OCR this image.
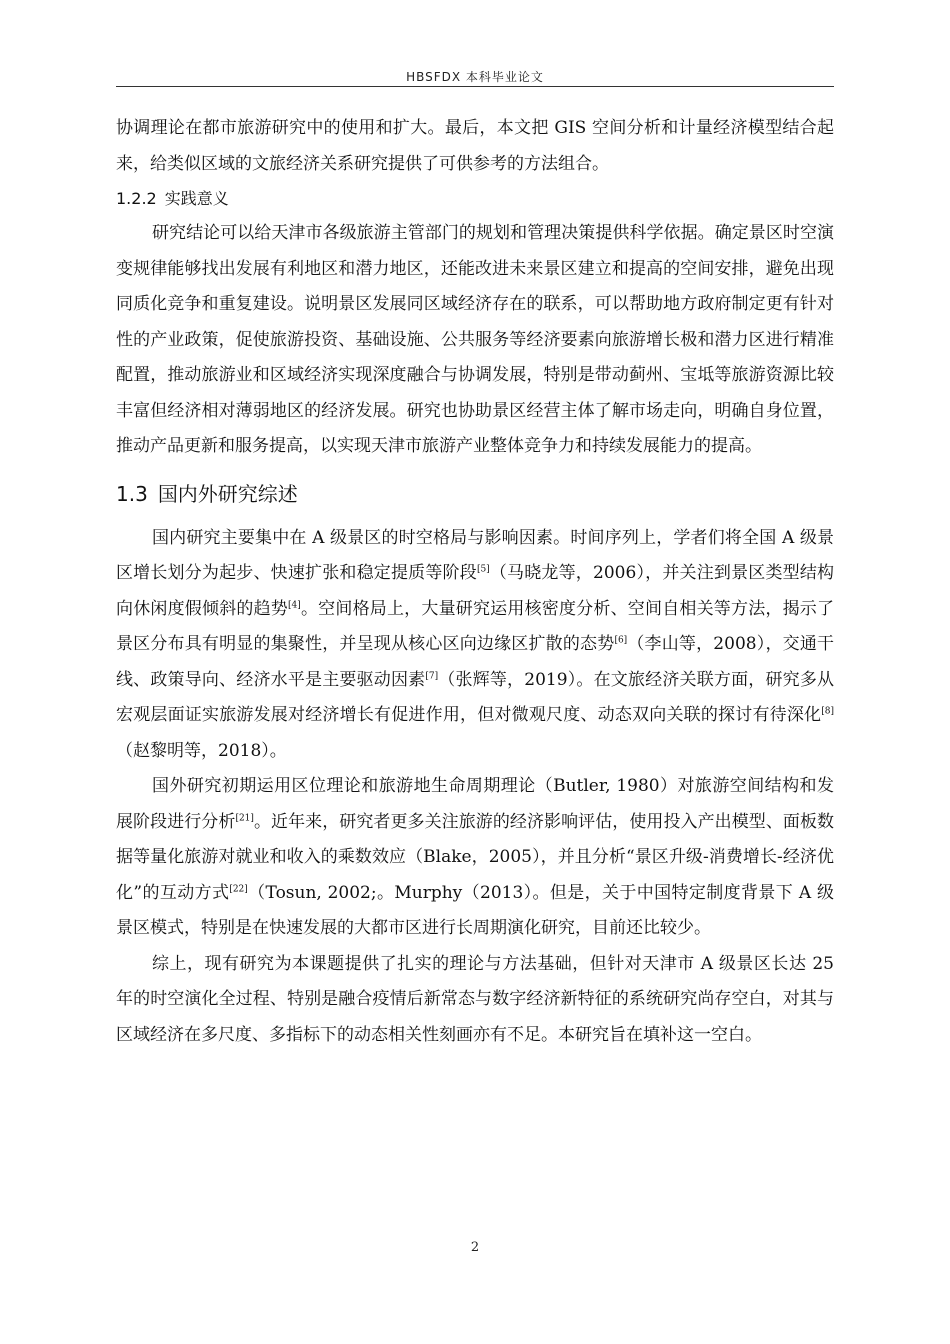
HBSFDX 本科毕业论文

协调理论在都市旅游研究中的使用和扩大。最后，本文把 GIS 空间分析和计量经济模型结合起来，给类似区域的文旅经济关系研究提供了可供参考的方法组合。

1.2.2 实践意义

研究结论可以给天津市各级旅游主管部门的规划和管理决策提供科学依据。确定景区时空演变规律能够找出发展有利地区和潜力地区，还能改进未来景区建立和提高的空间安排，避免出现同质化竞争和重复建设。说明景区发展同区域经济存在的联系，可以帮助地方政府制定更有针对性的产业政策，促使旅游投资、基础设施、公共服务等经济要素向旅游增长极和潜力区进行精准配置，推动旅游业和区域经济实现深度融合与协调发展，特别是带动蓟州、宝坻等旅游资源比较丰富但经济相对薄弱地区的经济发展。研究也协助景区经营主体了解市场走向，明确自身位置，推动产品更新和服务提高，以实现天津市旅游产业整体竞争力和持续发展能力的提高。

1.3 国内外研究综述

国内研究主要集中在 A 级景区的时空格局与影响因素。时间序列上，学者们将全国 A 级景区增长划分为起步、快速扩张和稳定提质等阶段[5]（马晓龙等，2006），并关注到景区类型结构向休闲度假倾斜的趋势[4]。空间格局上，大量研究运用核密度分析、空间自相关等方法，揭示了景区分布具有明显的集聚性，并呈现从核心区向边缘区扩散的态势[6]（李山等，2008），交通干线、政策导向、经济水平是主要驱动因素[7]（张辉等，2019）。在文旅经济关联方面，研究多从宏观层面证实旅游发展对经济增长有促进作用，但对微观尺度、动态双向关联的探讨有待深化[8]（赵黎明等，2018）。

国外研究初期运用区位理论和旅游地生命周期理论（Butler, 1980）对旅游空间结构和发展阶段进行分析[21]。近年来，研究者更多关注旅游的经济影响评估，使用投入产出模型、面板数据等量化旅游对就业和收入的乘数效应（Blake，2005），并且分析“景区升级-消费增长-经济优化”的互动方式[22]（Tosun, 2002;。Murphy（2013）。但是，关于中国特定制度背景下 A 级景区模式，特别是在快速发展的大都市区进行长周期演化研究，目前还比较少。

综上，现有研究为本课题提供了扎实的理论与方法基础，但针对天津市 A 级景区长达 25 年的时空演化全过程、特别是融合疫情后新常态与数字经济新特征的系统研究尚存空白，对其与区域经济在多尺度、多指标下的动态相关性刻画亦有不足。本研究旨在填补这一空白。

2
